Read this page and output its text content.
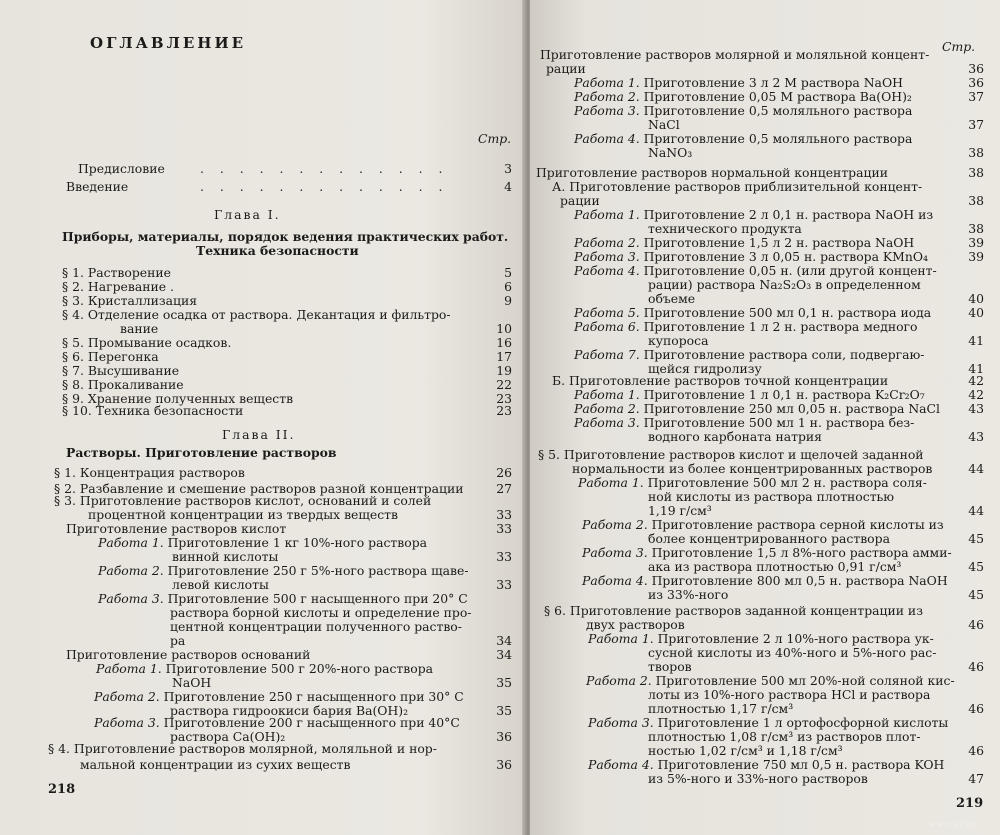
ОГЛАВЛЕНИЕ
Стр.
Предисловие	. . . . . . . . . . . . .	3
Введение	. . . . . . . . . . . . .	4
Глава I.
Приборы, материалы, порядок ведения практических работ.
Техника безопасности
§ 1. Растворение	5
§ 2. Нагревание .	6
§ 3. Кристаллизация	9
§ 4. Отделение осадка от раствора. Декантация и фильтро-
вание	10
§ 5. Промывание осадков.	16
§ 6. Перегонка	17
§ 7. Высушивание	19
§ 8. Прокаливание	22
§ 9. Хранение полученных веществ	23
§ 10. Техника безопасности	23
Глава II.
Растворы. Приготовление растворов
§ 1. Концентрация растворов	26
§ 2. Разбавление и смешение растворов разной концентрации	27
§ 3. Приготовление растворов кислот, оснований и солей
процентной концентрации из твердых веществ	33
Приготовление растворов кислот	33
Работа 1. Приготовление 1 кг 10%-ного раствора
винной кислоты	33
Работа 2. Приготовление 250 г 5%-ного раствора щаве-
левой кислоты	33
Работа 3. Приготовление 500 г насыщенного при 20° С
раствора борной кислоты и определение про-
центной концентрации полученного раство-
ра	34
Приготовление растворов оснований	34
Работа 1. Приготовление 500 г 20%-ного раствора
NaOH	35
Работа 2. Приготовление 250 г насыщенного при 30° С
раствора гидроокиси бария Ba(OH)₂	35
Работа 3. Приготовление 200 г насыщенного при 40°С
раствора Ca(OH)₂	36
§ 4. Приготовление растворов молярной, моляльной и нор-
мальной концентрации из сухих веществ	36
218
Стр.
Приготовление растворов молярной и моляльной концент-
рации	36
Работа 1. Приготовление 3 л 2 М раствора NaOH	36
Работа 2. Приготовление 0,05 М раствора Ba(OH)₂	37
Работа 3. Приготовление 0,5 моляльного раствора
NaCl	37
Работа 4. Приготовление 0,5 моляльного раствора
NaNO₃	38
Приготовление растворов нормальной концентрации	38
А. Приготовление растворов приблизительной концент-
рации	38
Работа 1. Приготовление 2 л 0,1 н. раствора NaOH из
технического продукта	38
Работа 2. Приготовление 1,5 л 2 н. раствора NaOH	39
Работа 3. Приготовление 3 л 0,05 н. раствора KMnO₄	39
Работа 4. Приготовление 0,05 н. (или другой концент-
рации) раствора Na₂S₂O₃ в определенном
объеме	40
Работа 5. Приготовление 500 мл 0,1 н. раствора иода	40
Работа 6. Приготовление 1 л 2 н. раствора медного
купороса	41
Работа 7. Приготовление раствора соли, подвергаю-
щейся гидролизу	41
Б. Приготовление растворов точной концентрации	42
Работа 1. Приготовление 1 л 0,1 н. раствора K₂Cr₂O₇	42
Работа 2. Приготовление 250 мл 0,05 н. раствора NaCl	43
Работа 3. Приготовление 500 мл 1 н. раствора без-
водного карбоната натрия	43
§ 5. Приготовление растворов кислот и щелочей заданной
нормальности из более концентрированных растворов	44
Работа 1. Приготовление 500 мл 2 н. раствора соля-
ной кислоты из раствора плотностью
1,19 г/см³	44
Работа 2. Приготовление раствора серной кислоты из
более концентрированного раствора	45
Работа 3. Приготовление 1,5 л 8%-ного раствора амми-
ака из раствора плотностью 0,91 г/см³	45
Работа 4. Приготовление 800 мл 0,5 н. раствора NaOH
из 33%-ного	45
§ 6. Приготовление растворов заданной концентрации из
двух растворов	46
Работа 1. Приготовление 2 л 10%-ного раствора ук-
сусной кислоты из 40%-ного и 5%-ного рас-
творов	46
Работа 2. Приготовление 500 мл 20%-ной соляной кис-
лоты из 10%-ного раствора HCl и раствора
плотностью 1,17 г/см³	46
Работа 3. Приготовление 1 л ортофосфорной кислоты
плотностью 1,08 г/см³ из растворов плот-
ностью 1,02 г/см³ и 1,18 г/см³	46
Работа 4. Приготовление 750 мл 0,5 н. раствора KOH
из 5%-ного и 33%-ного растворов	47
219
www.ay.by
